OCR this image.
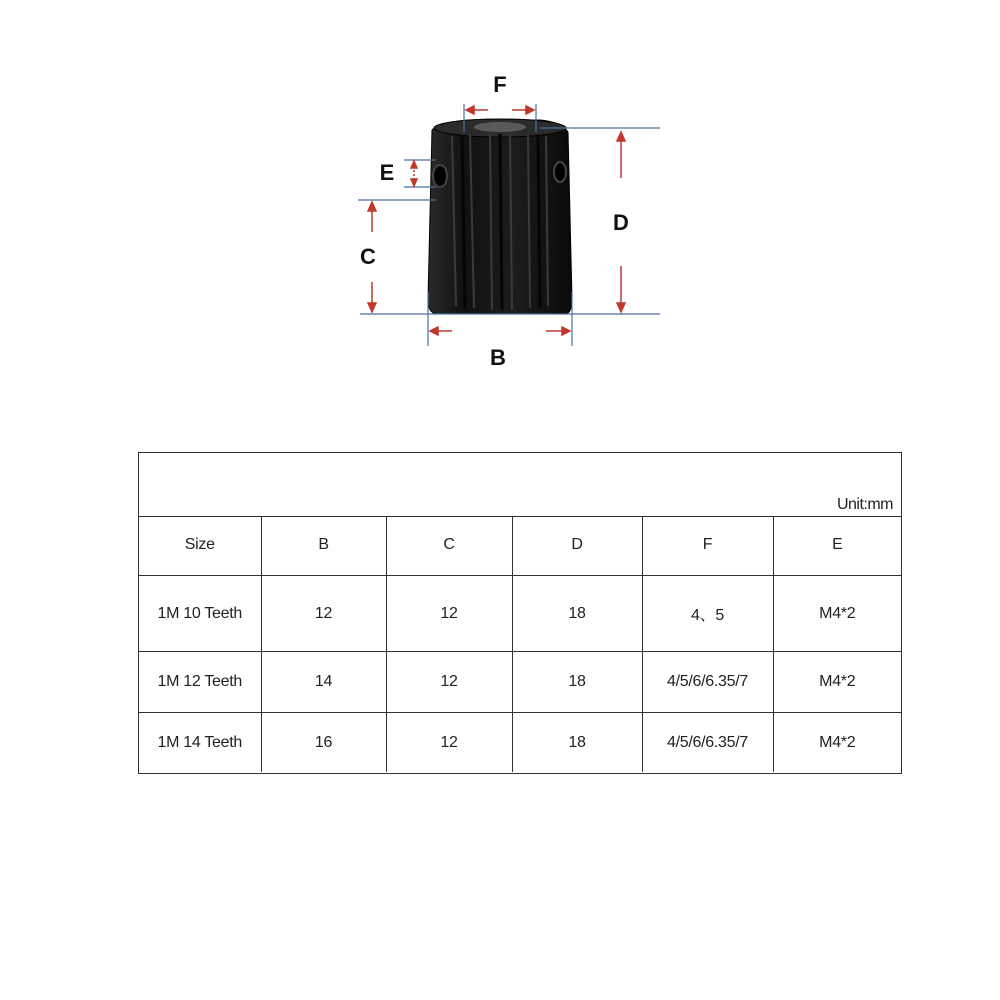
F
E
C
D
B
Unit:mm
Size	B	C	D	F	E
1M 10 Teeth	12	12	18	4、5	M4*2
1M 12 Teeth	14	12	18	4/5/6/6.35/7	M4*2
1M 14 Teeth	16	12	18	4/5/6/6.35/7	M4*2
